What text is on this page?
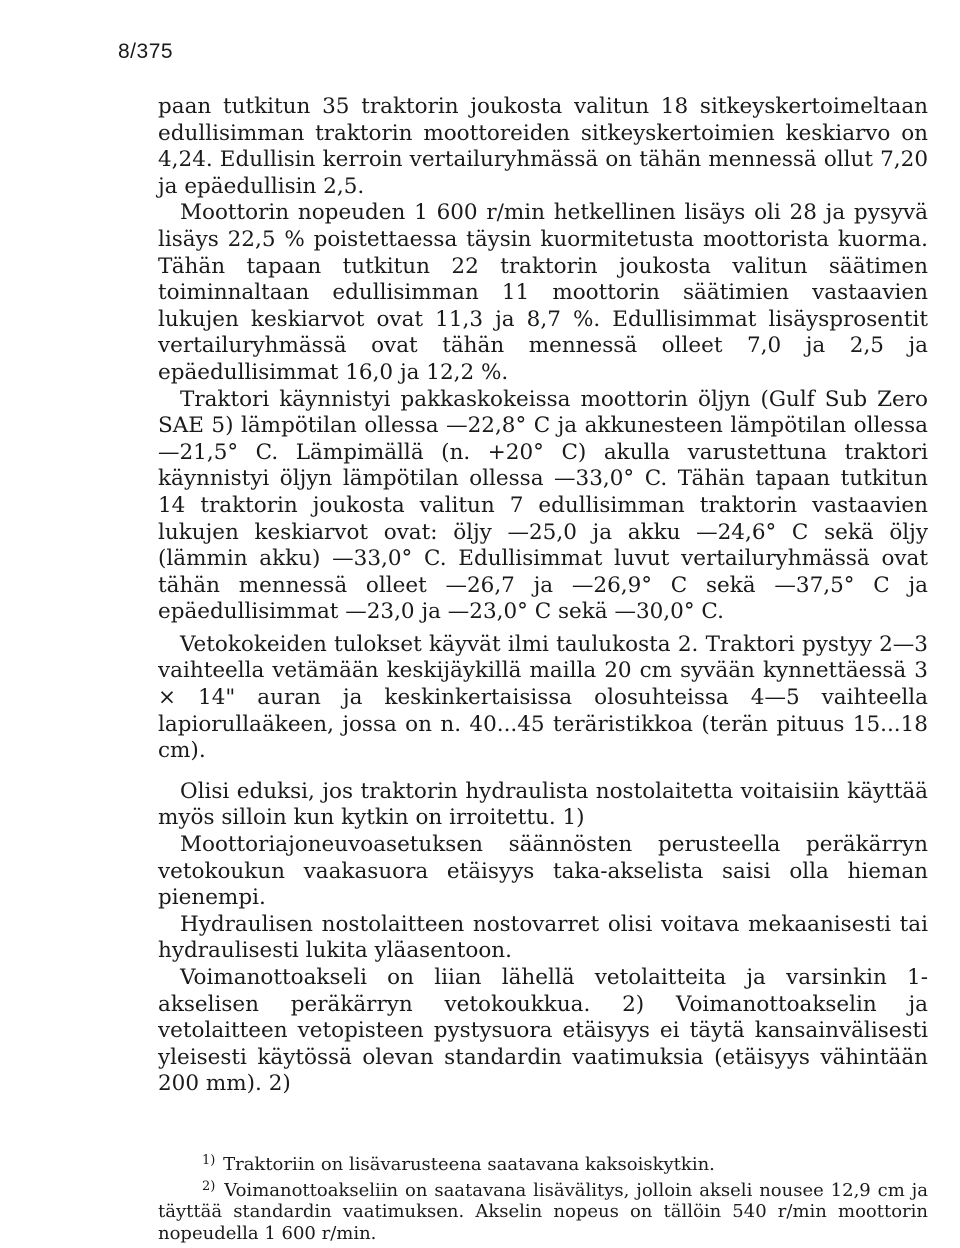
8/375

paan tutkitun 35 traktorin joukosta valitun 18 sitkeyskertoimeltaan edullisimman traktorin moottoreiden sitkeyskertoimien keskiarvo on 4,24. Edullisin kerroin vertailuryhmässä on tähän mennessä ollut 7,20 ja epäedullisin 2,5.

Moottorin nopeuden 1 600 r/min hetkellinen lisäys oli 28 ja pysyvä lisäys 22,5 % poistettaessa täysin kuormitetusta moottorista kuorma. Tähän tapaan tutkitun 22 traktorin joukosta valitun säätimen toiminnaltaan edullisimman 11 moottorin säätimien vastaavien lukujen keskiarvot ovat 11,3 ja 8,7 %. Edullisimmat lisäysprosentit vertailuryhmässä ovat tähän mennessä olleet 7,0 ja 2,5 ja epäedullisimmat 16,0 ja 12,2 %.

Traktori käynnistyi pakkaskokeissa moottorin öljyn (Gulf Sub Zero SAE 5) lämpötilan ollessa —22,8° C ja akkunesteen lämpötilan ollessa —21,5° C. Lämpimällä (n. +20° C) akulla varustettuna traktori käynnistyi öljyn lämpötilan ollessa —33,0° C. Tähän tapaan tutkitun 14 traktorin joukosta valitun 7 edullisimman traktorin vastaavien lukujen keskiarvot ovat: öljy —25,0 ja akku —24,6° C sekä öljy (lämmin akku) —33,0° C. Edullisimmat luvut vertailuryhmässä ovat tähän mennessä olleet —26,7 ja —26,9° C sekä —37,5° C ja epäedullisimmat —23,0 ja —23,0° C sekä —30,0° C.

Vetokokeiden tulokset käyvät ilmi taulukosta 2. Traktori pystyy 2—3 vaihteella vetämään keskijäykillä mailla 20 cm syvään kynnettäessä 3 × 14" auran ja keskinkertaisissa olosuhteissa 4—5 vaihteella lapiorullaäkeen, jossa on n. 40...45 teräristikkoa (terän pituus 15...18 cm).

Olisi eduksi, jos traktorin hydraulista nostolaitetta voitaisiin käyttää myös silloin kun kytkin on irroitettu. 1)

Moottoriajoneuvoasetuksen säännösten perusteella peräkärryn vetokoukun vaakasuora etäisyys taka-akselista saisi olla hieman pienempi.

Hydraulisen nostolaitteen nostovarret olisi voitava mekaanisesti tai hydraulisesti lukita yläasentoon.

Voimanottoakseli on liian lähellä vetolaitteita ja varsinkin 1-akselisen peräkärryn vetokoukkua. 2) Voimanottoakselin ja vetolaitteen vetopisteen pystysuora etäisyys ei täytä kansainvälisesti yleisesti käytössä olevan standardin vaatimuksia (etäisyys vähintään 200 mm). 2)

1) Traktoriin on lisävarusteena saatavana kaksoiskytkin.

2) Voimanottoakseliin on saatavana lisävälitys, jolloin akseli nousee 12,9 cm ja täyttää standardin vaatimuksen. Akselin nopeus on tällöin 540 r/min moottorin nopeudella 1 600 r/min.
